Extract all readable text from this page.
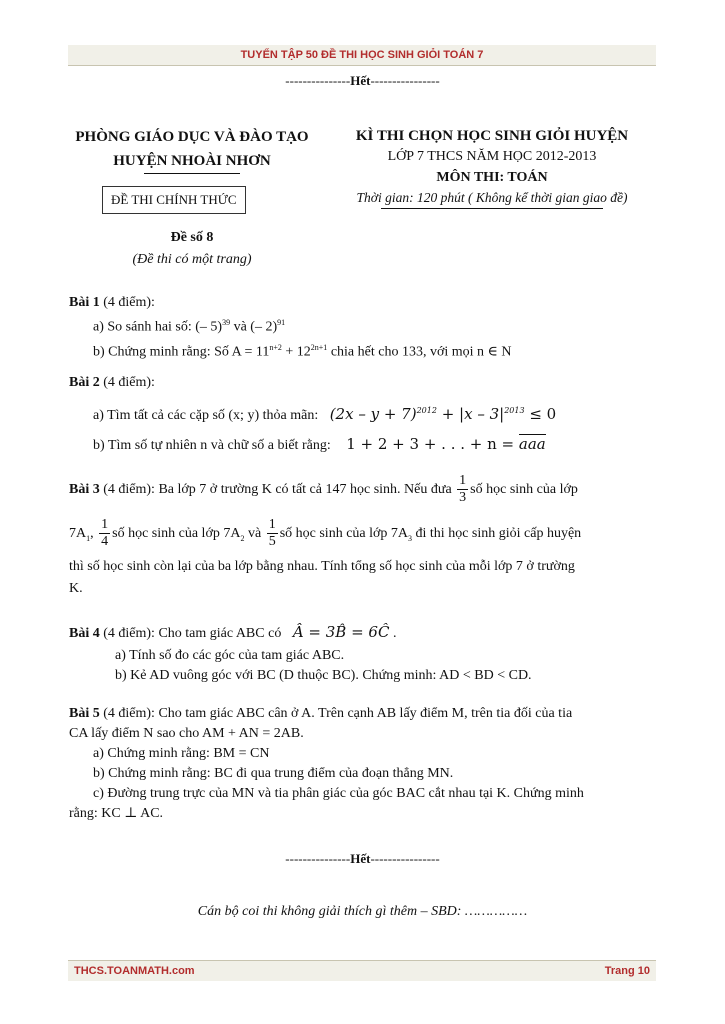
TUYỂN TẬP 50 ĐỀ THI HỌC SINH GIỎI TOÁN 7
---------------Hết----------------
PHÒNG GIÁO DỤC VÀ ĐÀO TẠO
HUYỆN NHOÀI NHƠN
ĐỀ THI CHÍNH THỨC
Đề số 8
(Đề thi có một trang)
KÌ THI CHỌN HỌC SINH GIỎI HUYỆN
LỚP 7 THCS NĂM HỌC 2012-2013
MÔN THI: TOÁN
Thời gian: 120 phút ( Không kể thời gian giao đề)

Bài 1 (4 điểm):

a) So sánh hai số: (– 5)$^{39}$ và (– 2)$^{91}$

b) Chứng minh rằng: Số $A = 11^{n+2} + 12^{2n+1}$ chia hết cho 133, với mọi n ∈ N

Bài 2 (4 điểm):

a) Tìm tất cả các cặp số (x; y) thỏa mãn: $(2x - y + 7)^{2012} + |x - 3|^{2013} \le 0$

b) Tìm số tự nhiên n và chữ số a biết rằng: 1 + 2 + 3 + . . . + n = aaa

Bài 3 (4 điểm): Ba lớp 7 ở trường K có tất cả 147 học sinh. Nếu đưa $\frac{1}{3}$ số học sinh của lớp

$7A_1$, $\frac{1}{4}$ số học sinh của lớp $7A_2$ và $\frac{1}{5}$ số học sinh của lớp $7A_3$ đi thi học sinh giỏi cấp huyện

thì số học sinh còn lại của ba lớp bằng nhau. Tính tổng số học sinh của mỗi lớp 7 ở trường

K.

Bài 4 (4 điểm): Cho tam giác ABC có Â = 3B̂ = 6Ĉ .

a) Tính số đo các góc của tam giác ABC.

b) Kẻ AD vuông góc với BC (D thuộc BC). Chứng minh: AD < BD < CD.

Bài 5 (4 điểm): Cho tam giác ABC cân ở A. Trên cạnh AB lấy điểm M, trên tia đối của tia

CA lấy điểm N sao cho AM + AN = 2AB.

a) Chứng minh rằng: BM = CN

b) Chứng minh rằng: BC đi qua trung điểm của đoạn thẳng MN.

c) Đường trung trực của MN và tia phân giác của góc BAC cắt nhau tại K. Chứng minh

rằng: KC ⊥ AC.

---------------Hết----------------
Cán bộ coi thi không giải thích gì thêm – SBD: ……………
THCS.TOANMATH.com	Trang 10
